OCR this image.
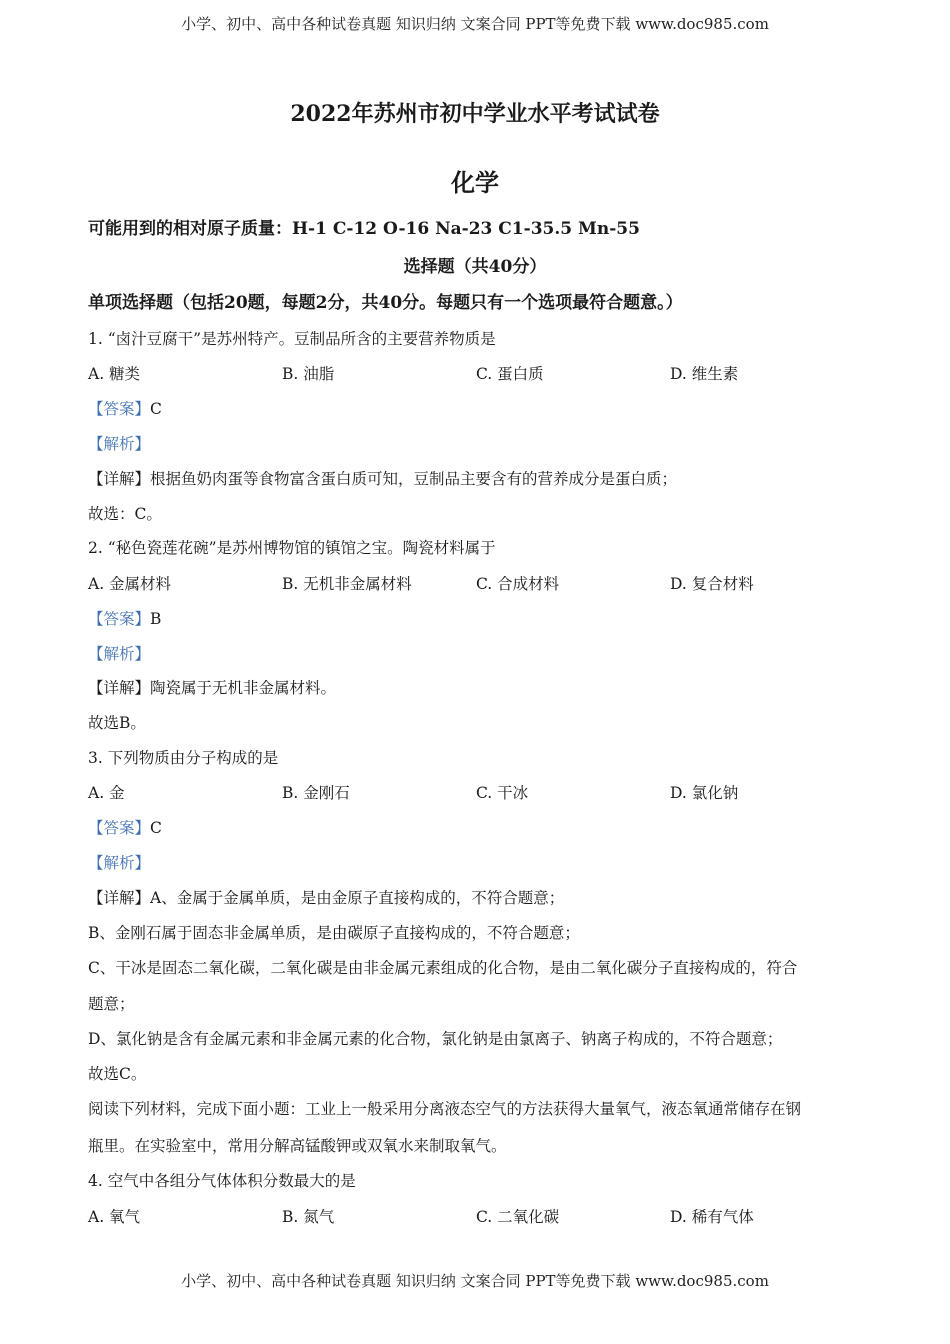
小学、初中、高中各种试卷真题 知识归纳 文案合同 PPT等免费下载 www.doc985.com
2022年苏州市初中学业水平考试试卷
化学
可能用到的相对原子质量：H-1 C-12 O-16 Na-23 C1-35.5 Mn-55
选择题（共40分）
单项选择题（包括20题，每题2分，共40分。每题只有一个选项最符合题意。）
1. “卤汁豆腐干”是苏州特产。豆制品所含的主要营养物质是
A. 糖类	B. 油脂	C. 蛋白质	D. 维生素
【答案】C
【解析】
【详解】根据鱼奶肉蛋等食物富含蛋白质可知，豆制品主要含有的营养成分是蛋白质；
故选：C。
2. “秘色瓷莲花碗”是苏州博物馆的镇馆之宝。陶瓷材料属于
A. 金属材料	B. 无机非金属材料	C. 合成材料	D. 复合材料
【答案】B
【解析】
【详解】陶瓷属于无机非金属材料。
故选B。
3. 下列物质由分子构成的是
A. 金	B. 金刚石	C. 干冰	D. 氯化钠
【答案】C
【解析】
【详解】A、金属于金属单质，是由金原子直接构成的，不符合题意；
B、金刚石属于固态非金属单质，是由碳原子直接构成的，不符合题意；
C、干冰是固态二氧化碳，二氧化碳是由非金属元素组成的化合物，是由二氧化碳分子直接构成的，符合
题意；
D、氯化钠是含有金属元素和非金属元素的化合物，氯化钠是由氯离子、钠离子构成的，不符合题意；
故选C。
阅读下列材料，完成下面小题：工业上一般采用分离液态空气的方法获得大量氧气，液态氧通常储存在钢
瓶里。在实验室中，常用分解高锰酸钾或双氧水来制取氧气。
4. 空气中各组分气体体积分数最大的是
A. 氧气	B. 氮气	C. 二氧化碳	D. 稀有气体
小学、初中、高中各种试卷真题 知识归纳 文案合同 PPT等免费下载 www.doc985.com
